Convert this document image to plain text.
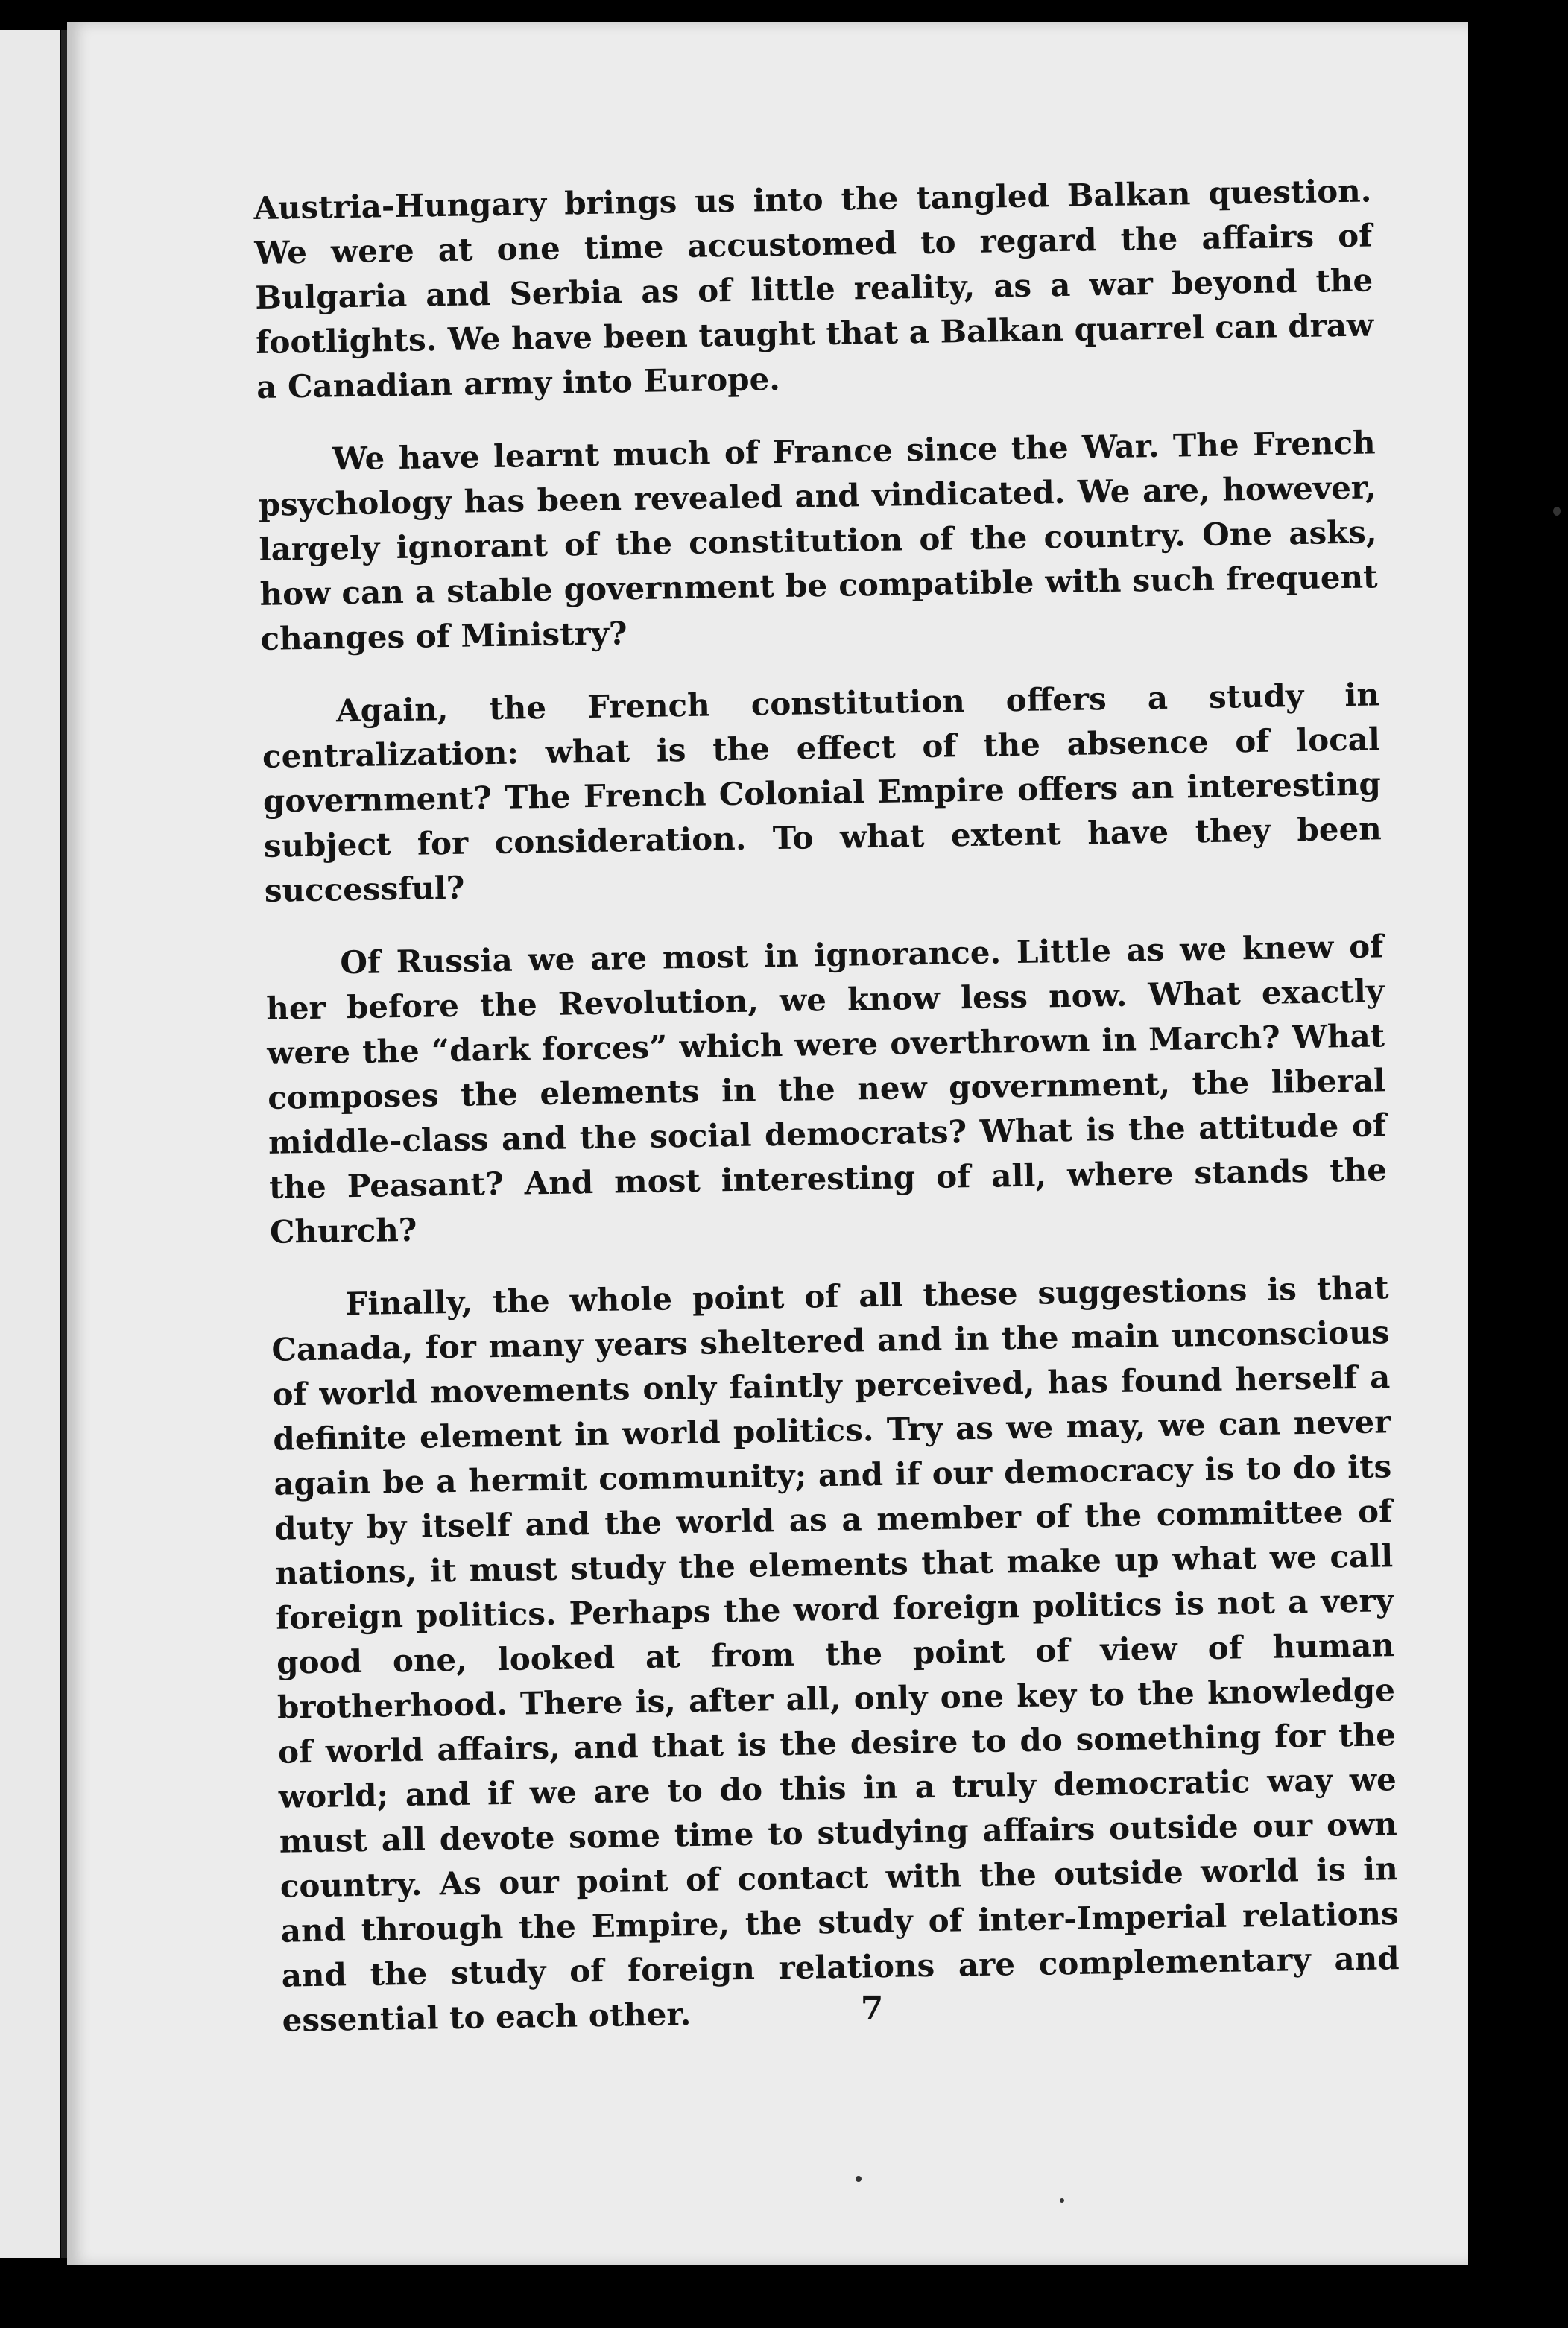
Austria-Hungary brings us into the tangled Balkan question. We were at one time accustomed to regard the affairs of Bulgaria and Serbia as of little reality, as a war beyond the footlights. We have been taught that a Balkan quarrel can draw a Canadian army into Europe.

We have learnt much of France since the War. The French psychology has been revealed and vindicated. We are, however, largely ignorant of the constitution of the country. One asks, how can a stable government be compatible with such frequent changes of Ministry?

Again, the French constitution offers a study in centralization: what is the effect of the absence of local government? The French Colonial Empire offers an interesting subject for consideration. To what extent have they been successful?

Of Russia we are most in ignorance. Little as we knew of her before the Revolution, we know less now. What exactly were the “dark forces” which were overthrown in March? What composes the elements in the new government, the liberal middle-class and the social democrats? What is the attitude of the Peasant? And most interesting of all, where stands the Church?

Finally, the whole point of all these suggestions is that Canada, for many years sheltered and in the main unconscious of world movements only faintly perceived, has found herself a definite element in world politics. Try as we may, we can never again be a hermit community; and if our democracy is to do its duty by itself and the world as a member of the committee of nations, it must study the elements that make up what we call foreign politics. Perhaps the word foreign politics is not a very good one, looked at from the point of view of human brotherhood. There is, after all, only one key to the knowledge of world affairs, and that is the desire to do something for the world; and if we are to do this in a truly democratic way we must all devote some time to studying affairs outside our own country. As our point of contact with the outside world is in and through the Empire, the study of inter-Imperial relations and the study of foreign relations are complementary and essential to each other.	7
